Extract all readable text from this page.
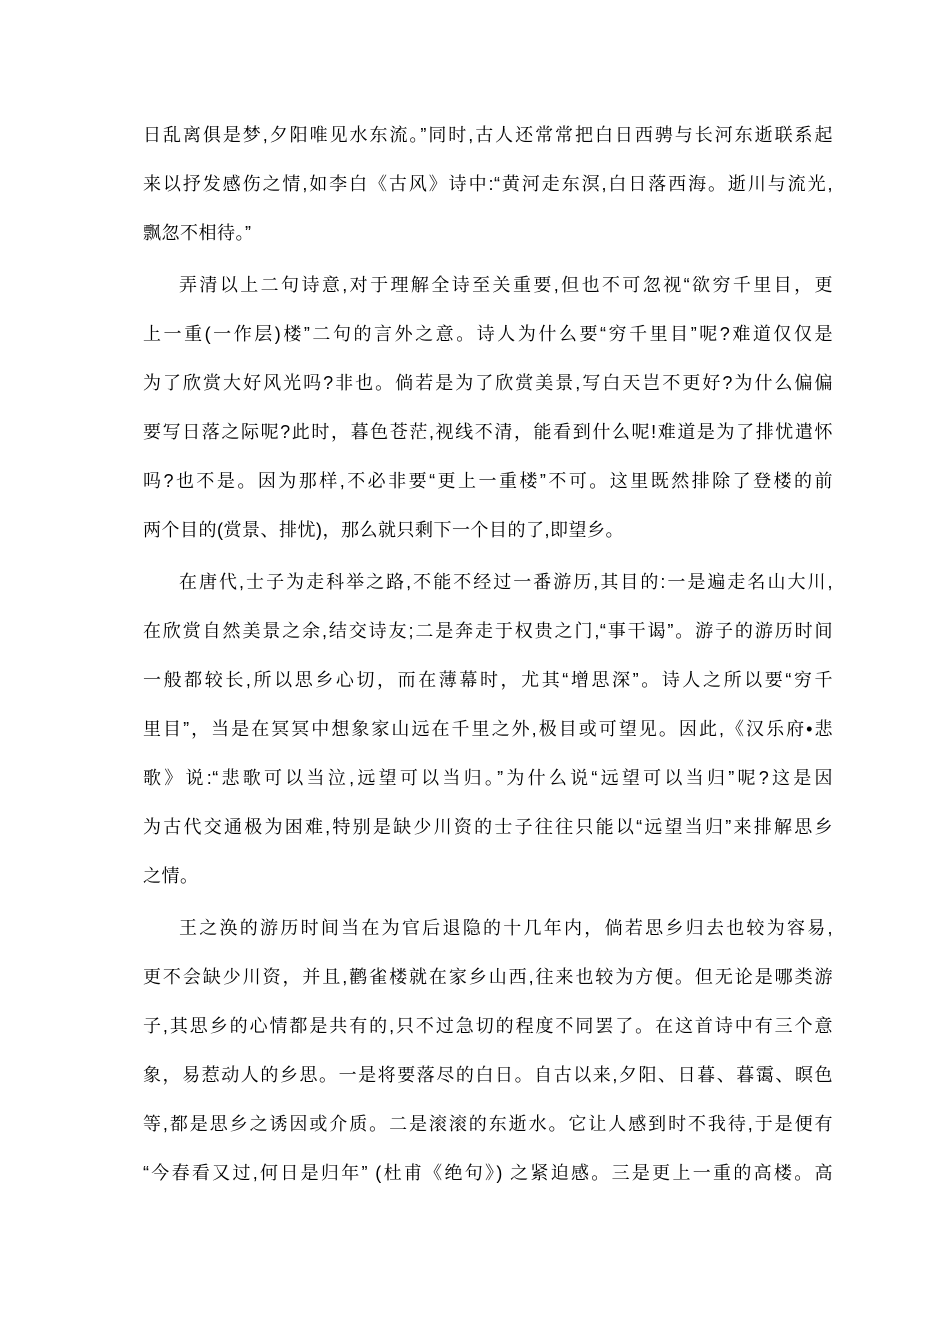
日乱离俱是梦,夕阳唯见水东流。”同时,古人还常常把白日西骋与长河东逝联系起
来以抒发感伤之情,如李白《古风》诗中:“黄河走东溟,白日落西海。逝川与流光,
飘忽不相待。”
弄清以上二句诗意,对于理解全诗至关重要,但也不可忽视“欲穷千里目，更
上一重(一作层)楼”二句的言外之意。诗人为什么要“穷千里目”呢?难道仅仅是
为了欣赏大好风光吗?非也。倘若是为了欣赏美景,写白天岂不更好?为什么偏偏
要写日落之际呢?此时，暮色苍茫,视线不清，能看到什么呢!难道是为了排忧遣怀
吗?也不是。因为那样,不必非要“更上一重楼”不可。这里既然排除了登楼的前
两个目的(赏景、排忧)，那么就只剩下一个目的了,即望乡。
在唐代,士子为走科举之路,不能不经过一番游历,其目的:一是遍走名山大川,
在欣赏自然美景之余,结交诗友;二是奔走于权贵之门,“事干谒”。游子的游历时间
一般都较长,所以思乡心切，而在薄幕时，尤其“增思深”。诗人之所以要“穷千
里目”，当是在冥冥中想象家山远在千里之外,极目或可望见。因此,《汉乐府•悲
歌》说:“悲歌可以当泣,远望可以当归。”为什么说“远望可以当归”呢?这是因
为古代交通极为困难,特别是缺少川资的士子往往只能以“远望当归”来排解思乡
之情。
王之涣的游历时间当在为官后退隐的十几年内，倘若思乡归去也较为容易,
更不会缺少川资，并且,鹳雀楼就在家乡山西,往来也较为方便。但无论是哪类游
子,其思乡的心情都是共有的,只不过急切的程度不同罢了。在这首诗中有三个意
象，易惹动人的乡思。一是将要落尽的白日。自古以来,夕阳、日暮、暮霭、暝色
等,都是思乡之诱因或介质。二是滚滚的东逝水。它让人感到时不我待,于是便有
“今春看又过,何日是归年” (杜甫《绝句》) 之紧迫感。三是更上一重的高楼。高
